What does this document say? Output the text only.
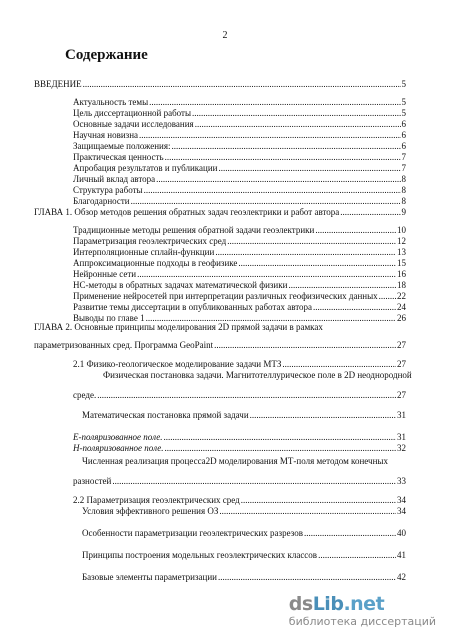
2
Содержание
ВВЕДЕНИЕ .....	5
Актуальность темы .....	5
Цель диссертационной работы .....	5
Основные задачи исследования .....	6
Научная новизна .....	6
Защищаемые положения: .....	6
Практическая ценность .....	7
Апробация результатов и публикации .....	7
Личный вклад автора .....	8
Структура работы .....	8
Благодарности .....	8
ГЛАВА 1. Обзор методов решения обратных задач геоэлектрики и работ автора .....	9
Традиционные методы решения обратной задачи геоэлектрики .....	10
Параметризация геоэлектрических сред .....	12
Интерполяционные сплайн-функции .....	13
Аппроксимационные подходы в геофизике .....	15
Нейронные сети .....	16
НС-методы в обратных задачах математической физики .....	18
Применение нейросетей при интерпретации различных геофизических данных ..... 22
Развитие темы диссертации в опубликованных работах автора .....	24
Выводы по главе 1 .....	26
ГЛАВА 2. Основные принципы моделирования 2D прямой задачи в рамках
параметризованных сред. Программа GeoPaint .....	27
2.1 Физико-геологическое моделирование задачи МТЗ .....	27
Физическая постановка задачи. Магнитотеллурическое поле в 2D неоднородной
среде. .....	27
Математическая постановка прямой задачи .....	31
E-поляризованное поле. .....	31
H-поляризованное поле. .....	32
Численная реализация процесса2D моделирования МТ-поля методом конечных
разностей .....	33
2.2 Параметризация геоэлектрических сред .....	34
Условия эффективного решения ОЗ .....	34
Особенности параметризации геоэлектрических разрезов .....	40
Принципы построения модельных геоэлектрических классов .....	41
Базовые элементы параметризации .....	42
dsLib.net
библиотека диссертаций
